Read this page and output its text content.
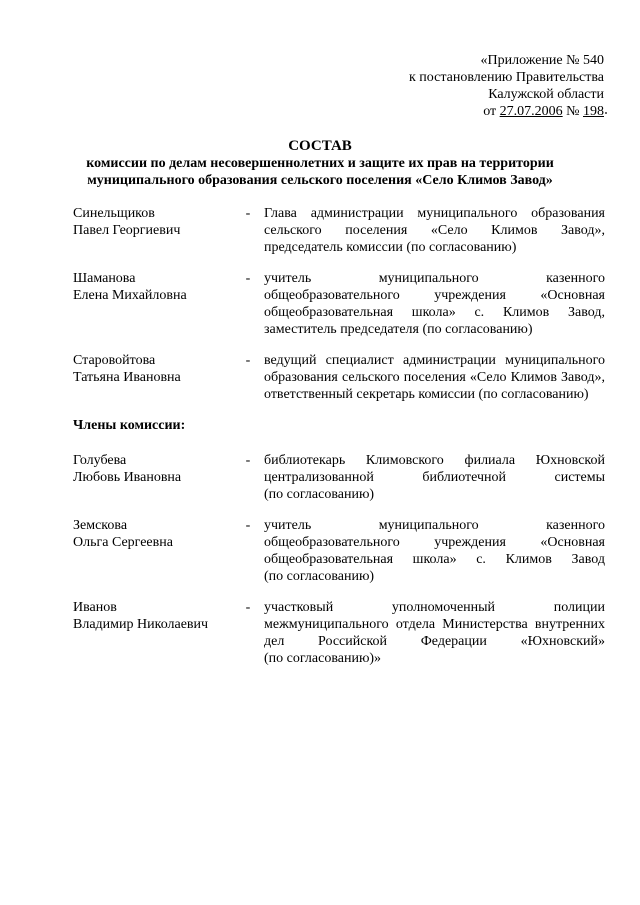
«Приложение № 540
к постановлению Правительства
Калужской области
от 27.07.2006 № 198
СОСТАВ
комиссии по делам несовершеннолетних и защите их прав на территории
муниципального образования сельского поселения «Село Климов Завод»
Синельщиков
Павел Георгиевич
- Глава администрации муниципального образования
сельского поселения «Село Климов Завод»,
председатель комиссии (по согласованию)
Шаманова
Елена Михайловна
- учитель муниципального казенного
общеобразовательного учреждения «Основная
общеобразовательная школа» с. Климов Завод,
заместитель председателя (по согласованию)
Старовойтова
Татьяна Ивановна
- ведущий специалист администрации муниципального
образования сельского поселения «Село Климов Завод»,
ответственный секретарь комиссии (по согласованию)
Члены комиссии:
Голубева
Любовь Ивановна
- библиотекарь Климовского филиала Юхновской
централизованной библиотечной системы
(по согласованию)
Земскова
Ольга Сергеевна
- учитель муниципального казенного
общеобразовательного учреждения «Основная
общеобразовательная школа» с. Климов Завод
(по согласованию)
Иванов
Владимир Николаевич
- участковый уполномоченный полиции
межмуниципального отдела Министерства внутренних
дел Российской Федерации «Юхновский»
(по согласованию)»
